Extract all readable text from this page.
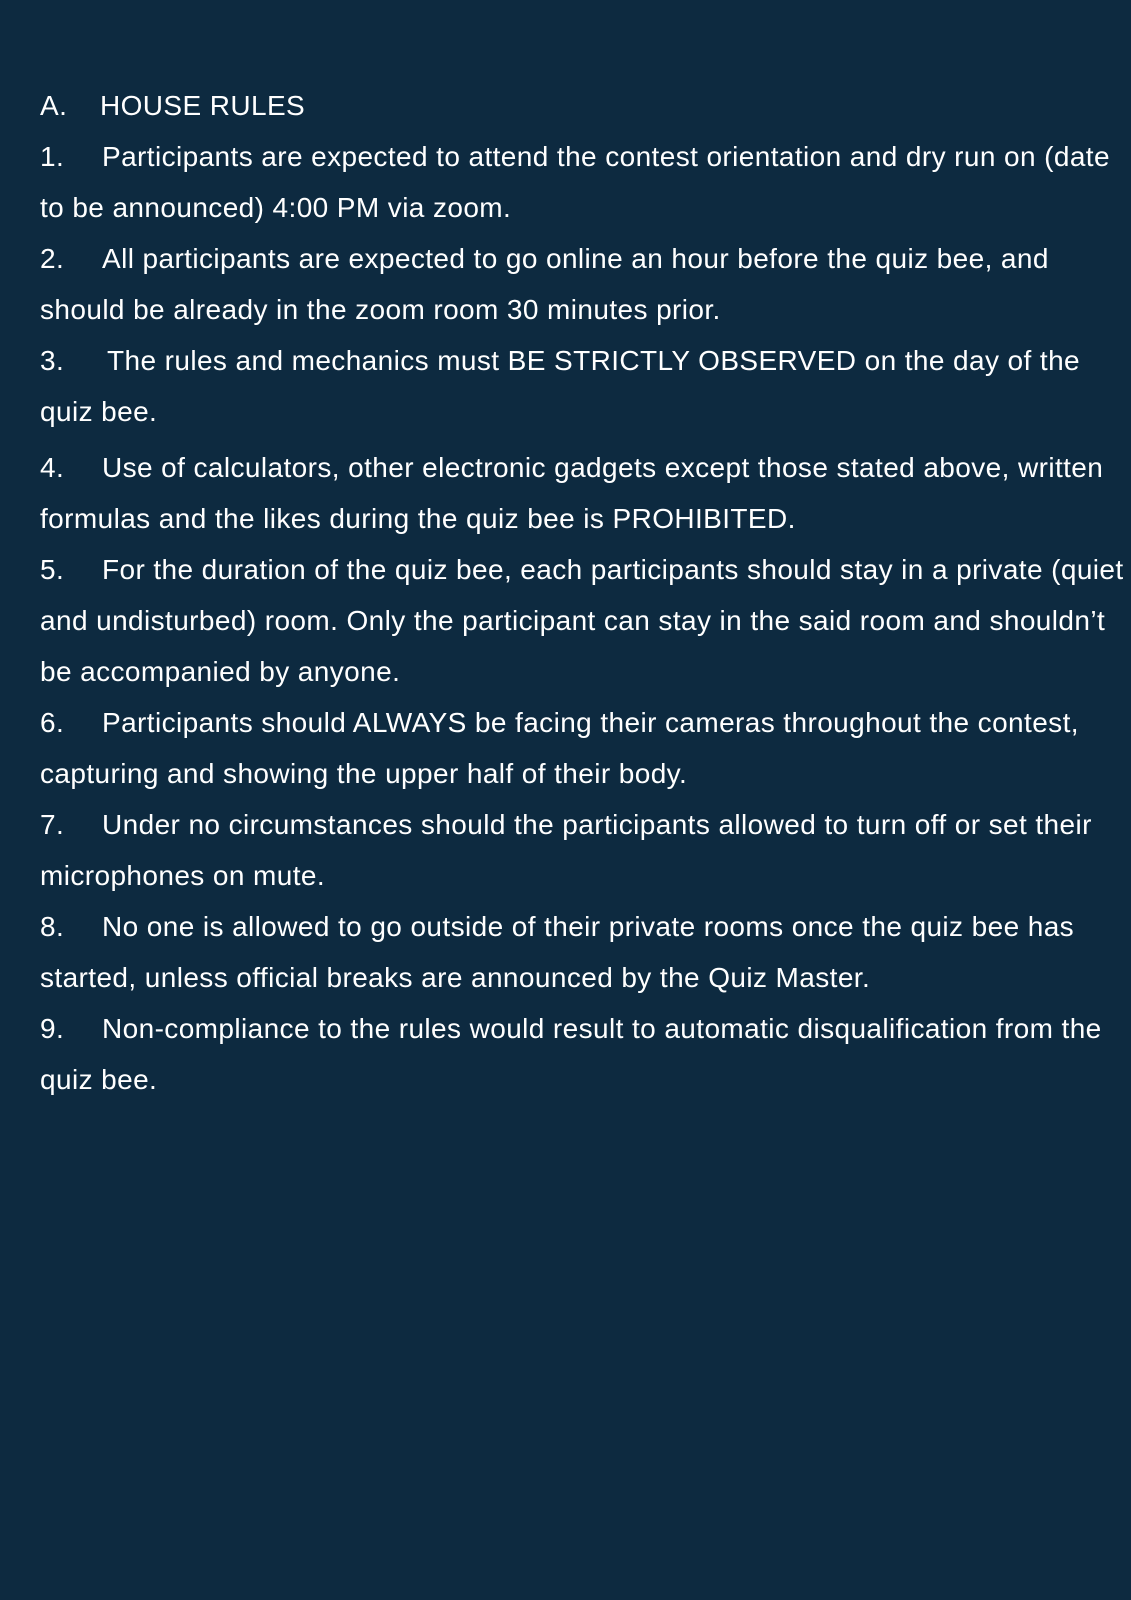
A.	HOUSE RULES

1. Participants are expected to attend the contest orientation and dry run on (date to be announced) 4:00 PM via zoom.

2. All participants are expected to go online an hour before the quiz bee, and should be already in the zoom room 30 minutes prior.

3. The rules and mechanics must BE STRICTLY OBSERVED on the day of the quiz bee.

4. Use of calculators, other electronic gadgets except those stated above, written formulas and the likes during the quiz bee is PROHIBITED.

5. For the duration of the quiz bee, each participants should stay in a private (quiet and undisturbed) room. Only the participant can stay in the said room and shouldn’t be accompanied by anyone.

6. Participants should ALWAYS be facing their cameras throughout the contest, capturing and showing the upper half of their body.

7. Under no circumstances should the participants allowed to turn off or set their microphones on mute.

8. No one is allowed to go outside of their private rooms once the quiz bee has started, unless official breaks are announced by the Quiz Master.

9. Non-compliance to the rules would result to automatic disqualification from the quiz bee.
